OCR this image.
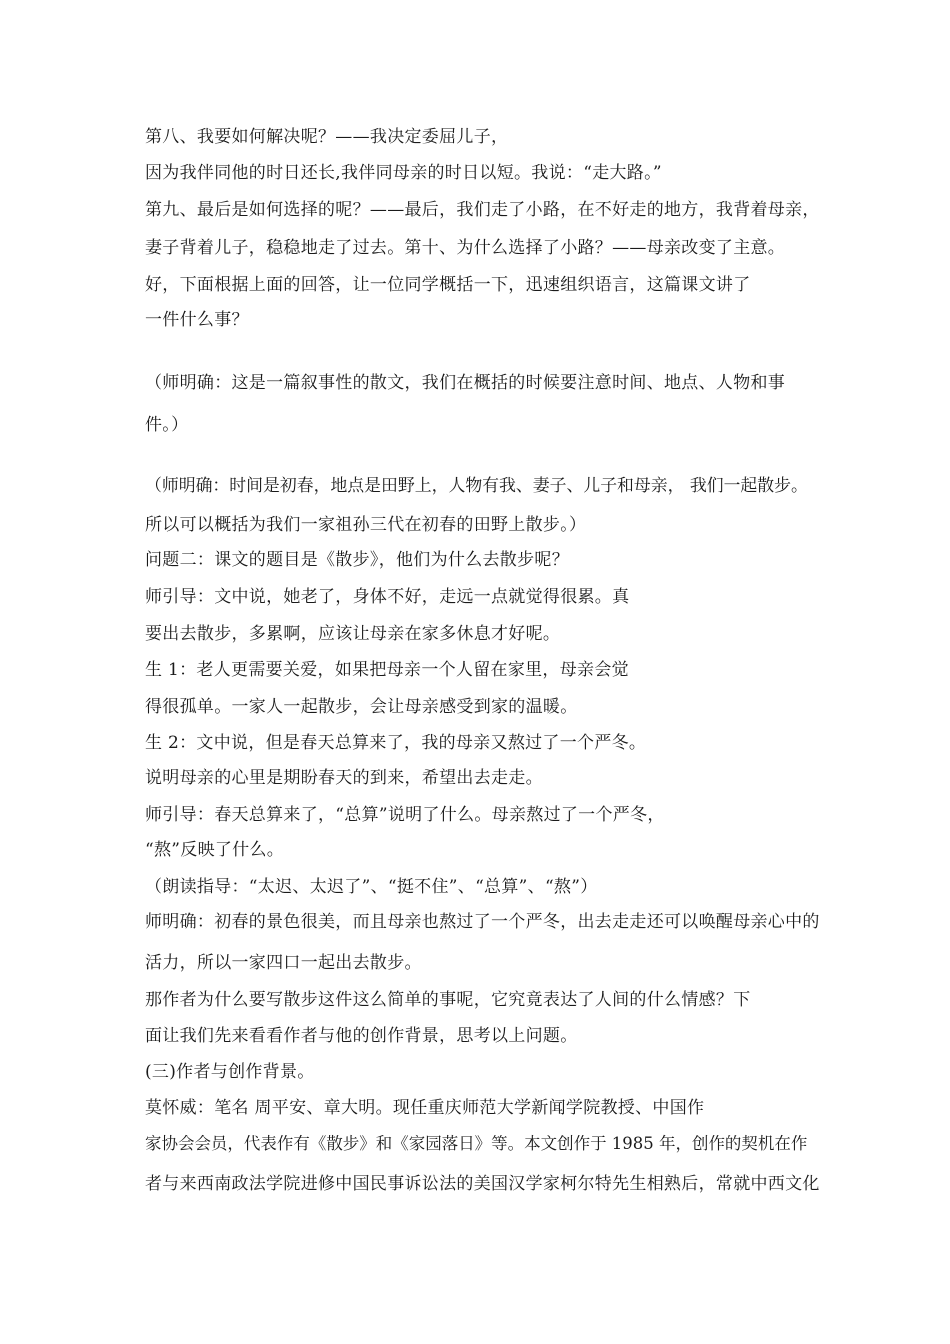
第八、我要如何解决呢？——我决定委屈儿子，
因为我伴同他的时日还长,我伴同母亲的时日以短。我说：“走大路。”
第九、最后是如何选择的呢？——最后，我们走了小路，在不好走的地方，我背着母亲，
妻子背着儿子，稳稳地走了过去。第十、为什么选择了小路？——母亲改变了主意。
好，下面根据上面的回答，让一位同学概括一下，迅速组织语言，这篇课文讲了
一件什么事？
（师明确：这是一篇叙事性的散文，我们在概括的时候要注意时间、地点、人物和事
件。）
（师明确：时间是初春，地点是田野上，人物有我、妻子、儿子和母亲， 我们一起散步。
所以可以概括为我们一家祖孙三代在初春的田野上散步。）
问题二：课文的题目是《散步》，他们为什么去散步呢？
师引导：文中说，她老了，身体不好，走远一点就觉得很累。真
要出去散步，多累啊，应该让母亲在家多休息才好呢。
生 1：老人更需要关爱，如果把母亲一个人留在家里，母亲会觉
得很孤单。一家人一起散步，会让母亲感受到家的温暖。
生 2：文中说，但是春天总算来了，我的母亲又熬过了一个严冬。
说明母亲的心里是期盼春天的到来，希望出去走走。
师引导：春天总算来了，“总算”说明了什么。母亲熬过了一个严冬，
“熬”反映了什么。
（朗读指导：“太迟、太迟了”、“挺不住”、“总算”、“熬”）
师明确：初春的景色很美，而且母亲也熬过了一个严冬，出去走走还可以唤醒母亲心中的
活力，所以一家四口一起出去散步。
那作者为什么要写散步这件这么简单的事呢，它究竟表达了人间的什么情感？下
面让我们先来看看作者与他的创作背景，思考以上问题。
(三)作者与创作背景。
莫怀威：笔名 周平安、章大明。现任重庆师范大学新闻学院教授、中国作
家协会会员，代表作有《散步》和《家园落日》等。本文创作于 1985 年，创作的契机在作
者与来西南政法学院进修中国民事诉讼法的美国汉学家柯尔特先生相熟后，常就中西文化
